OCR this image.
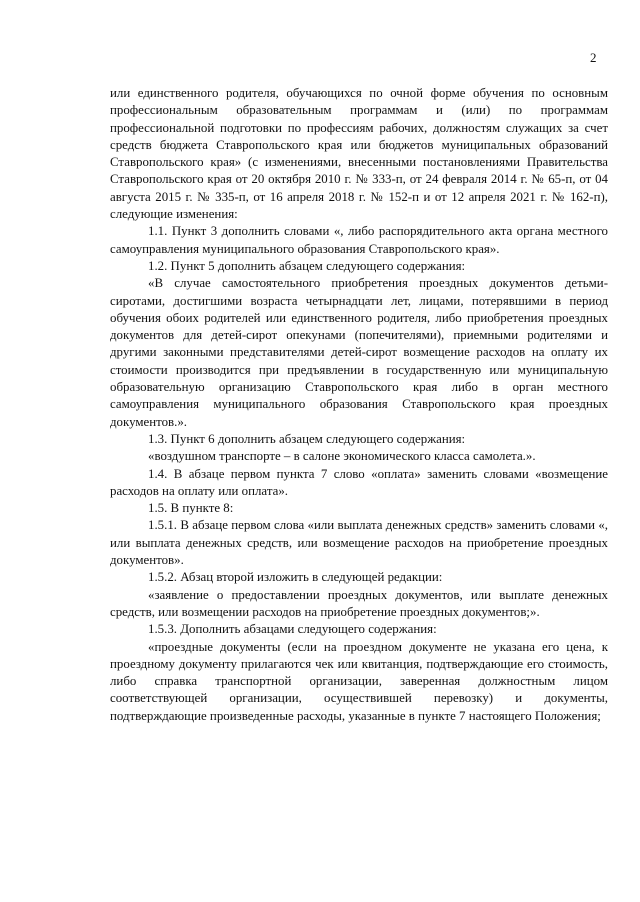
2

или единственного родителя, обучающихся по очной форме обучения по основным профессиональным образовательным программам и (или) по программам профессиональной подготовки по профессиям рабочих, должностям служащих за счет средств бюджета Ставропольского края или бюджетов муниципальных образований Ставропольского края» (с изменениями, внесенными постановлениями Правительства Ставропольского края от 20 октября 2010 г. № 333-п, от 24 февраля 2014 г. № 65-п, от 04 августа 2015 г. № 335-п, от 16 апреля 2018 г. № 152-п и от 12 апреля 2021 г. № 162-п), следующие изменения:

1.1. Пункт 3 дополнить словами «, либо распорядительного акта органа местного самоуправления муниципального образования Ставропольского края».

1.2. Пункт 5 дополнить абзацем следующего содержания:

«В случае самостоятельного приобретения проездных документов детьми-сиротами, достигшими возраста четырнадцати лет, лицами, потерявшими в период обучения обоих родителей или единственного родителя, либо приобретения проездных документов для детей-сирот опекунами (попечителями), приемными родителями и другими законными представителями детей-сирот возмещение расходов на оплату их стоимости производится при предъявлении в государственную или муниципальную образовательную организацию Ставропольского края либо в орган местного самоуправления муниципального образования Ставропольского края проездных документов.».

1.3. Пункт 6 дополнить абзацем следующего содержания:

«воздушном транспорте – в салоне экономического класса самолета.».

1.4. В абзаце первом пункта 7 слово «оплата» заменить словами «возмещение расходов на оплату или оплата».

1.5. В пункте 8:

1.5.1. В абзаце первом слова «или выплата денежных средств» заменить словами «, или выплата денежных средств, или возмещение расходов на приобретение проездных документов».

1.5.2. Абзац второй изложить в следующей редакции:

«заявление о предоставлении проездных документов, или выплате денежных средств, или возмещении расходов на приобретение проездных документов;».

1.5.3. Дополнить абзацами следующего содержания:

«проездные документы (если на проездном документе не указана его цена, к проездному документу прилагаются чек или квитанция, подтверждающие его стоимость, либо справка транспортной организации, заверенная должностным лицом соответствующей организации, осуществившей перевозку) и документы, подтверждающие произведенные расходы, указанные в пункте 7 настоящего Положения;
